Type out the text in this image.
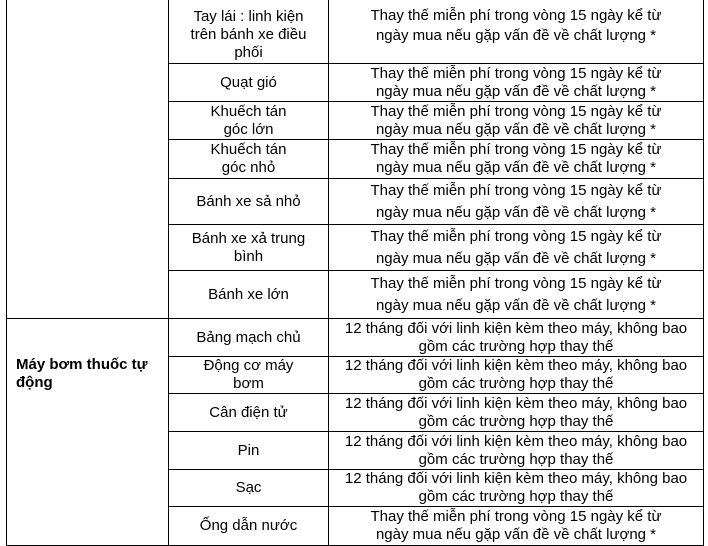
Máy bơm thuốc tự động
Tay lái : linh kiện trên bánh xe điều phối
Thay thế miễn phí trong vòng 15 ngày kể từ ngày mua nếu gặp vấn đề về chất lượng *
Quạt gió
Thay thế miễn phí trong vòng 15 ngày kể từ ngày mua nếu gặp vấn đề về chất lượng *
Khuếch tán góc lớn
Thay thế miễn phí trong vòng 15 ngày kể từ ngày mua nếu gặp vấn đề về chất lượng *
Khuếch tán góc nhỏ
Thay thế miễn phí trong vòng 15 ngày kể từ ngày mua nếu gặp vấn đề về chất lượng *
Bánh xe sả nhỏ
Thay thế miễn phí trong vòng 15 ngày kể từ ngày mua nếu gặp vấn đề về chất lượng *
Bánh xe xả trung bình
Thay thế miễn phí trong vòng 15 ngày kể từ ngày mua nếu gặp vấn đề về chất lượng *
Bánh xe lớn
Thay thế miễn phí trong vòng 15 ngày kể từ ngày mua nếu gặp vấn đề về chất lượng *
Bảng mạch chủ
12 tháng đối với linh kiện kèm theo máy, không bao gồm các trường hợp thay thế
Động cơ máy bơm
12 tháng đối với linh kiện kèm theo máy, không bao gồm các trường hợp thay thế
Cân điện tử
12 tháng đối với linh kiện kèm theo máy, không bao gồm các trường hợp thay thế
Pin
12 tháng đối với linh kiện kèm theo máy, không bao gồm các trường hợp thay thế
Sạc
12 tháng đối với linh kiện kèm theo máy, không bao gồm các trường hợp thay thế
Ống dẫn nước
Thay thế miễn phí trong vòng 15 ngày kể từ ngày mua nếu gặp vấn đề về chất lượng *
